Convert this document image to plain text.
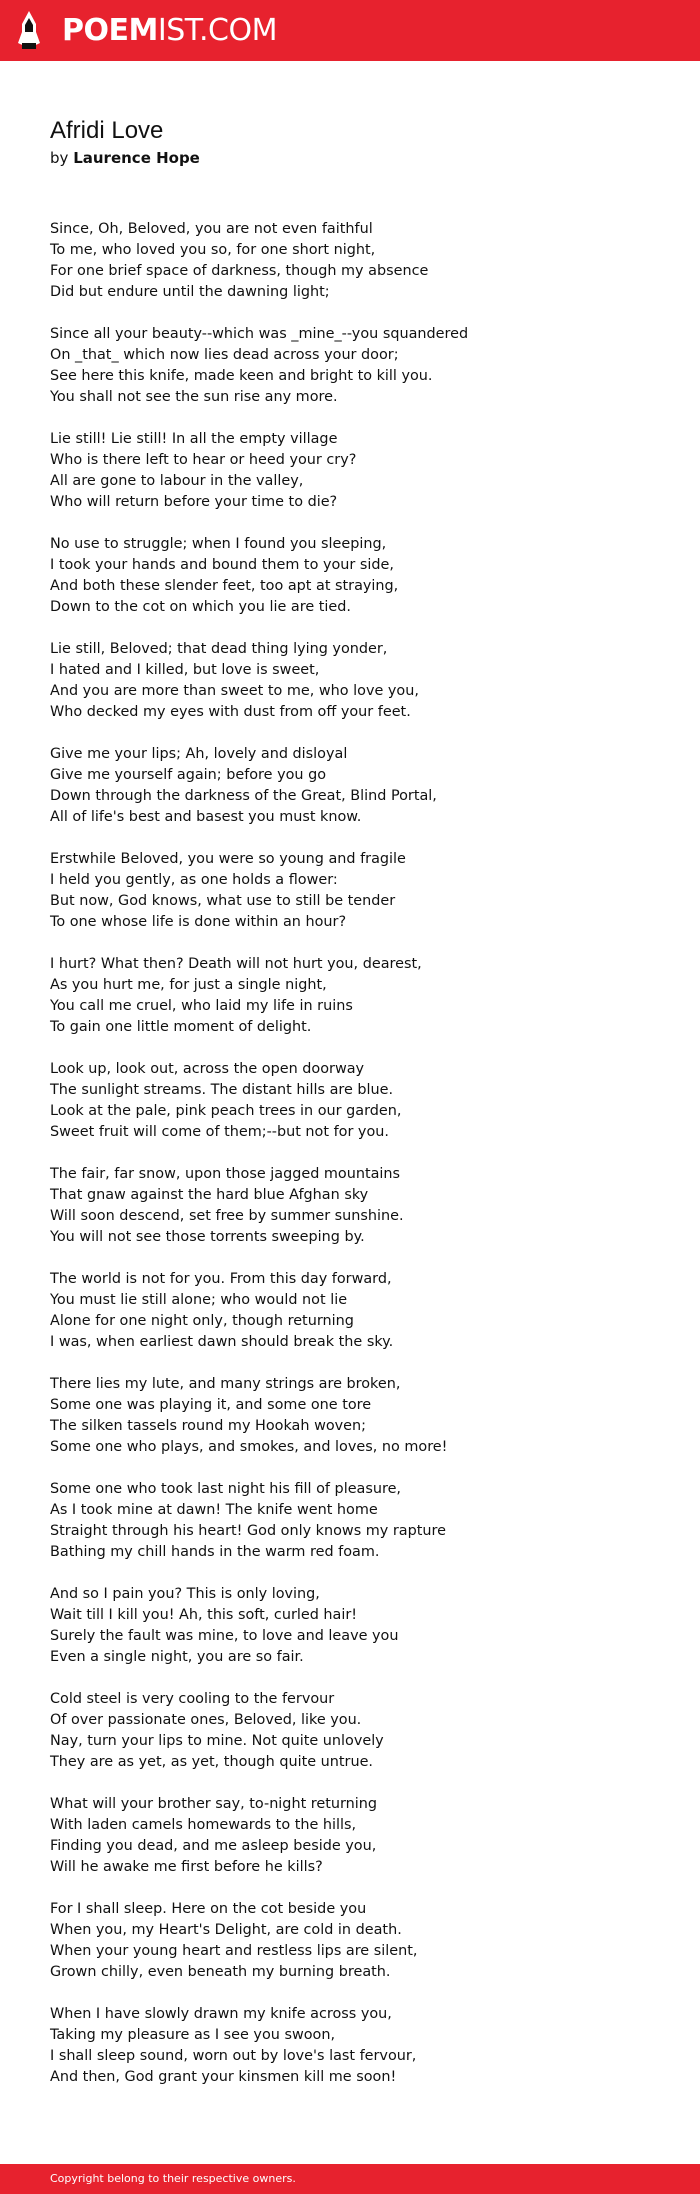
POEMIST.COM
Afridi Love
by Laurence Hope
Since, Oh, Beloved, you are not even faithful
To me, who loved you so, for one short night,
For one brief space of darkness, though my absence
Did but endure until the dawning light;
Since all your beauty--which was _mine_--you squandered
On _that_ which now lies dead across your door;
See here this knife, made keen and bright to kill you.
You shall not see the sun rise any more.
Lie still! Lie still! In all the empty village
Who is there left to hear or heed your cry?
All are gone to labour in the valley,
Who will return before your time to die?
No use to struggle; when I found you sleeping,
I took your hands and bound them to your side,
And both these slender feet, too apt at straying,
Down to the cot on which you lie are tied.
Lie still, Beloved; that dead thing lying yonder,
I hated and I killed, but love is sweet,
And you are more than sweet to me, who love you,
Who decked my eyes with dust from off your feet.
Give me your lips; Ah, lovely and disloyal
Give me yourself again; before you go
Down through the darkness of the Great, Blind Portal,
All of life's best and basest you must know.
Erstwhile Beloved, you were so young and fragile
I held you gently, as one holds a flower:
But now, God knows, what use to still be tender
To one whose life is done within an hour?
I hurt? What then? Death will not hurt you, dearest,
As you hurt me, for just a single night,
You call me cruel, who laid my life in ruins
To gain one little moment of delight.
Look up, look out, across the open doorway
The sunlight streams. The distant hills are blue.
Look at the pale, pink peach trees in our garden,
Sweet fruit will come of them;--but not for you.
The fair, far snow, upon those jagged mountains
That gnaw against the hard blue Afghan sky
Will soon descend, set free by summer sunshine.
You will not see those torrents sweeping by.
The world is not for you. From this day forward,
You must lie still alone; who would not lie
Alone for one night only, though returning
I was, when earliest dawn should break the sky.
There lies my lute, and many strings are broken,
Some one was playing it, and some one tore
The silken tassels round my Hookah woven;
Some one who plays, and smokes, and loves, no more!
Some one who took last night his fill of pleasure,
As I took mine at dawn! The knife went home
Straight through his heart! God only knows my rapture
Bathing my chill hands in the warm red foam.
And so I pain you? This is only loving,
Wait till I kill you! Ah, this soft, curled hair!
Surely the fault was mine, to love and leave you
Even a single night, you are so fair.
Cold steel is very cooling to the fervour
Of over passionate ones, Beloved, like you.
Nay, turn your lips to mine. Not quite unlovely
They are as yet, as yet, though quite untrue.
What will your brother say, to-night returning
With laden camels homewards to the hills,
Finding you dead, and me asleep beside you,
Will he awake me first before he kills?
For I shall sleep. Here on the cot beside you
When you, my Heart's Delight, are cold in death.
When your young heart and restless lips are silent,
Grown chilly, even beneath my burning breath.
When I have slowly drawn my knife across you,
Taking my pleasure as I see you swoon,
I shall sleep sound, worn out by love's last fervour,
And then, God grant your kinsmen kill me soon!
Copyright belong to their respective owners.
